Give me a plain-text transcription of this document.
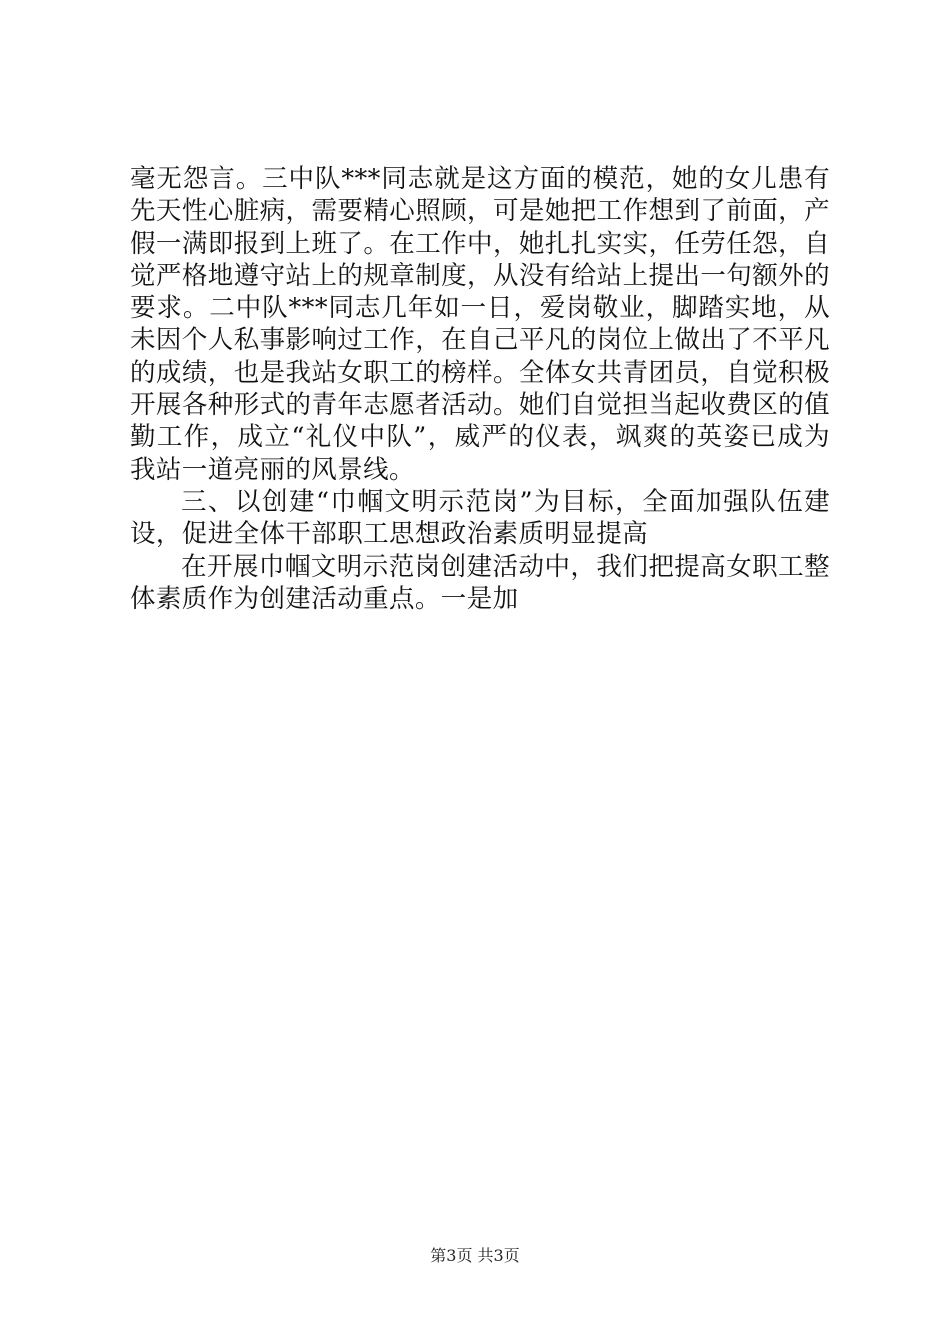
毫无怨言。三中队***同志就是这方面的模范，她的女儿患有先天性心脏病，需要精心照顾，可是她把工作想到了前面，产假一满即报到上班了。在工作中，她扎扎实实，任劳任怨，自觉严格地遵守站上的规章制度，从没有给站上提出一句额外的要求。二中队***同志几年如一日，爱岗敬业，脚踏实地，从未因个人私事影响过工作，在自己平凡的岗位上做出了不平凡的成绩，也是我站女职工的榜样。全体女共青团员，自觉积极开展各种形式的青年志愿者活动。她们自觉担当起收费区的值勤工作，成立“礼仪中队”，威严的仪表，飒爽的英姿已成为我站一道亮丽的风景线。

三、以创建“巾帼文明示范岗”为目标，全面加强队伍建设，促进全体干部职工思想政治素质明显提高

在开展巾帼文明示范岗创建活动中，我们把提高女职工整体素质作为创建活动重点。一是加

第3页 共3页
